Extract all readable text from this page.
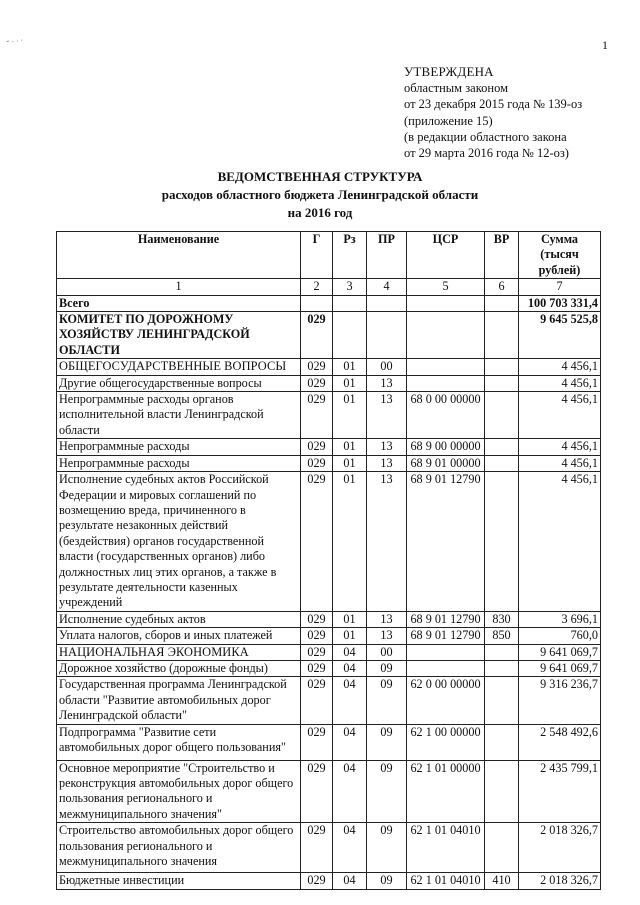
- . . .	1
УТВЕРЖДЕНА
областным законом
от 23 декабря 2015 года № 139-оз
(приложение 15)
(в редакции областного закона
от 29 марта 2016 года № 12-оз)
ВЕДОМСТВЕННАЯ СТРУКТУРА
расходов областного бюджета Ленинградской области
на 2016 год
Наименование	Г	Рз	ПР	ЦСР	ВР	Сумма
(тысяч рублей)

1	2	3	4	5	6	7
Всего						100 703 331,4
КОМИТЕТ ПО ДОРОЖНОМУ ХОЗЯЙСТВУ ЛЕНИНГРАДСКОЙ ОБЛАСТИ	029					9 645 525,8
ОБЩЕГОСУДАРСТВЕННЫЕ ВОПРОСЫ	029	01	00			4 456,1
Другие общегосударственные вопросы	029	01	13			4 456,1
Непрограммные расходы органов исполнительной власти Ленинградской области	029	01	13	68 0 00 00000		4 456,1
Непрограммные расходы	029	01	13	68 9 00 00000		4 456,1
Непрограммные расходы	029	01	13	68 9 01 00000		4 456,1
Исполнение судебных актов Российской Федерации и мировых соглашений по возмещению вреда, причиненного в результате незаконных действий (бездействия) органов государственной власти (государственных органов) либо должностных лиц этих органов, а также в результате деятельности казенных учреждений	029	01	13	68 9 01 12790		4 456,1
Исполнение судебных актов	029	01	13	68 9 01 12790	830	3 696,1
Уплата налогов, сборов и иных платежей	029	01	13	68 9 01 12790	850	760,0
НАЦИОНАЛЬНАЯ ЭКОНОМИКА	029	04	00			9 641 069,7
Дорожное хозяйство (дорожные фонды)	029	04	09			9 641 069,7
Государственная программа Ленинградской области "Развитие автомобильных дорог Ленинградской области"	029	04	09	62 0 00 00000		9 316 236,7
Подпрограмма "Развитие сети автомобильных дорог общего пользования"	029	04	09	62 1 00 00000		2 548 492,6
Основное мероприятие "Строительство и реконструкция автомобильных дорог общего пользования регионального и межмуниципального значения"	029	04	09	62 1 01 00000		2 435 799,1
Строительство автомобильных дорог общего пользования регионального и межмуниципального значения	029	04	09	62 1 01 04010		2 018 326,7
Бюджетные инвестиции	029	04	09	62 1 01 04010	410	2 018 326,7
